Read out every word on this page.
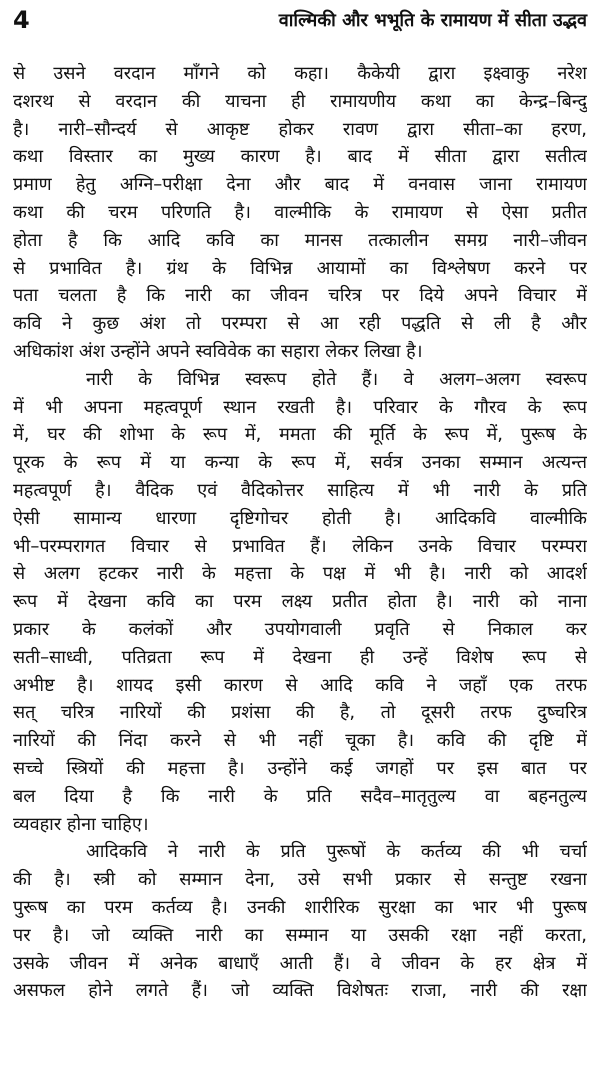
4	वाल्मिकी और भभूति के रामायण में सीता उद्भव
से उसने वरदान माँगने को कहा। कैकेयी द्वारा इक्ष्वाकु नरेश
दशरथ से वरदान की याचना ही रामायणीय कथा का केन्द्र–बिन्दु
है। नारी–सौन्दर्य से आकृष्ट होकर रावण द्वारा सीता–का हरण,
कथा विस्तार का मुख्य कारण है। बाद में सीता द्वारा सतीत्व
प्रमाण हेतु अग्नि–परीक्षा देना और बाद में वनवास जाना रामायण
कथा की चरम परिणति है। वाल्मीकि के रामायण से ऐसा प्रतीत
होता है कि आदि कवि का मानस तत्कालीन समग्र नारी–जीवन
से प्रभावित है। ग्रंथ के विभिन्न आयामों का विश्लेषण करने पर
पता चलता है कि नारी का जीवन चरित्र पर दिये अपने विचार में
कवि ने कुछ अंश तो परम्परा से आ रही पद्धति से ली है और
अधिकांश अंश उन्होंने अपने स्वविवेक का सहारा लेकर लिखा है।
नारी के विभिन्न स्वरूप होते हैं। वे अलग–अलग स्वरूप
में भी अपना महत्वपूर्ण स्थान रखती है। परिवार के गौरव के रूप
में, घर की शोभा के रूप में, ममता की मूर्ति के रूप में, पुरूष के
पूरक के रूप में या कन्या के रूप में, सर्वत्र उनका सम्मान अत्यन्त
महत्वपूर्ण है। वैदिक एवं वैदिकोत्तर साहित्य में भी नारी के प्रति
ऐसी सामान्य धारणा दृष्टिगोचर होती है। आदिकवि वाल्मीकि
भी–परम्परागत विचार से प्रभावित हैं। लेकिन उनके विचार परम्परा
से अलग हटकर नारी के महत्ता के पक्ष में भी है। नारी को आदर्श
रूप में देखना कवि का परम लक्ष्य प्रतीत होता है। नारी को नाना
प्रकार के कलंकों और उपयोगवाली प्रवृति से निकाल कर
सती–साध्वी, पतिव्रता रूप में देखना ही उन्हें विशेष रूप से
अभीष्ट है। शायद इसी कारण से आदि कवि ने जहाँ एक तरफ
सत् चरित्र नारियों की प्रशंसा की है, तो दूसरी तरफ दुष्चरित्र
नारियों की निंदा करने से भी नहीं चूका है। कवि की दृष्टि में
सच्चे स्त्रियों की महत्ता है। उन्होंने कई जगहों पर इस बात पर
बल दिया है कि नारी के प्रति सदैव–मातृतुल्य वा बहनतुल्य
व्यवहार होना चाहिए।
आदिकवि ने नारी के प्रति पुरूषों के कर्तव्य की भी चर्चा
की है। स्त्री को सम्मान देना, उसे सभी प्रकार से सन्तुष्ट रखना
पुरूष का परम कर्तव्य है। उनकी शारीरिक सुरक्षा का भार भी पुरूष
पर है। जो व्यक्ति नारी का सम्मान या उसकी रक्षा नहीं करता,
उसके जीवन में अनेक बाधाएँ आती हैं। वे जीवन के हर क्षेत्र में
असफल होने लगते हैं। जो व्यक्ति विशेषतः राजा, नारी की रक्षा
